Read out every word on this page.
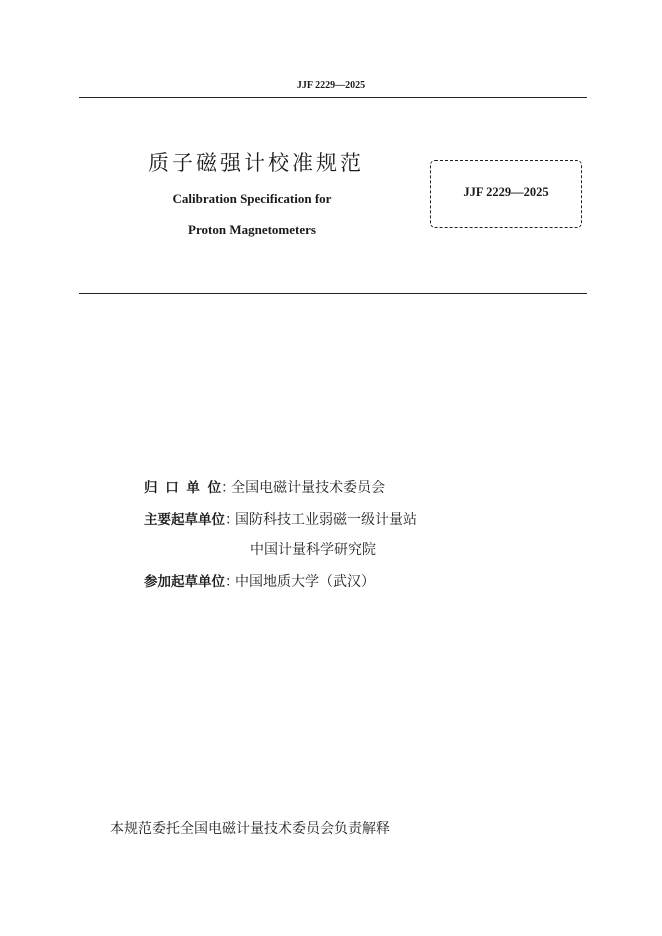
JJF 2229—2025
质子磁强计校准规范
Calibration Specification for
Proton Magnetometers
JJF 2229—2025
归 口 单 位 ：
全国电磁计量技术委员会
主要起草单位 ：
国防科技工业弱磁一级计量站
中国计量科学研究院
参加起草单位 ：
中国地质大学（武汉）
本规范委托全国电磁计量技术委员会负责解释
